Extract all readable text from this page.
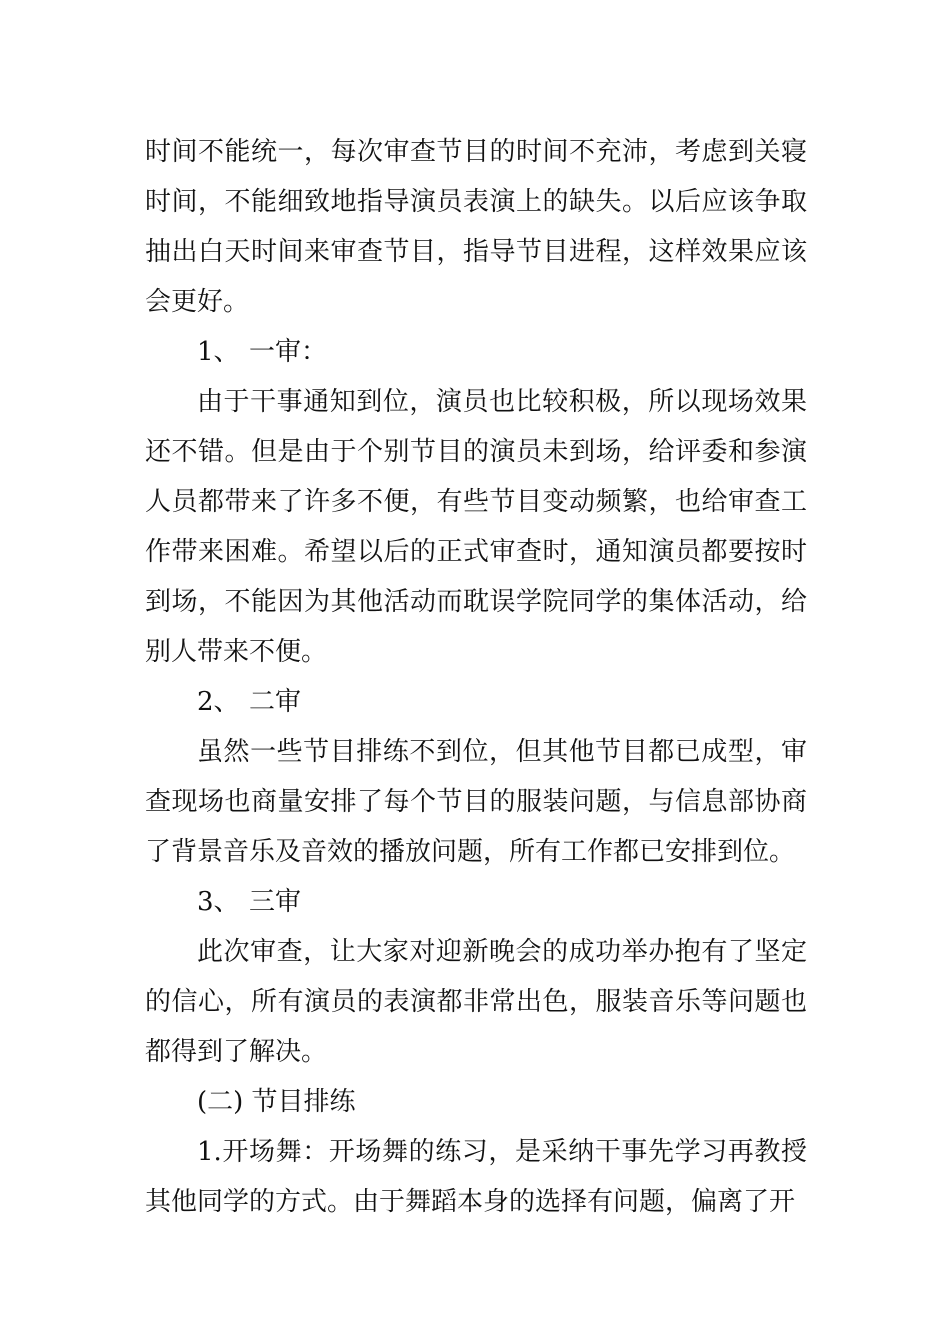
时间不能统一，每次审查节目的时间不充沛，考虑到关寝时间，不能细致地指导演员表演上的缺失。以后应该争取抽出白天时间来审查节目，指导节目进程，这样效果应该会更好。

1、 一审：

由于干事通知到位，演员也比较积极，所以现场效果还不错。但是由于个别节目的演员未到场，给评委和参演人员都带来了许多不便，有些节目变动频繁，也给审查工作带来困难。希望以后的正式审查时，通知演员都要按时到场，不能因为其他活动而耽误学院同学的集体活动，给别人带来不便。

2、 二审

虽然一些节目排练不到位，但其他节目都已成型，审查现场也商量安排了每个节目的服装问题，与信息部协商了背景音乐及音效的播放问题，所有工作都已安排到位。

3、 三审

此次审查，让大家对迎新晚会的成功举办抱有了坚定的信心，所有演员的表演都非常出色，服装音乐等问题也都得到了解决。

(二) 节目排练

1.开场舞：开场舞的练习，是采纳干事先学习再教授其他同学的方式。由于舞蹈本身的选择有问题，偏离了开
